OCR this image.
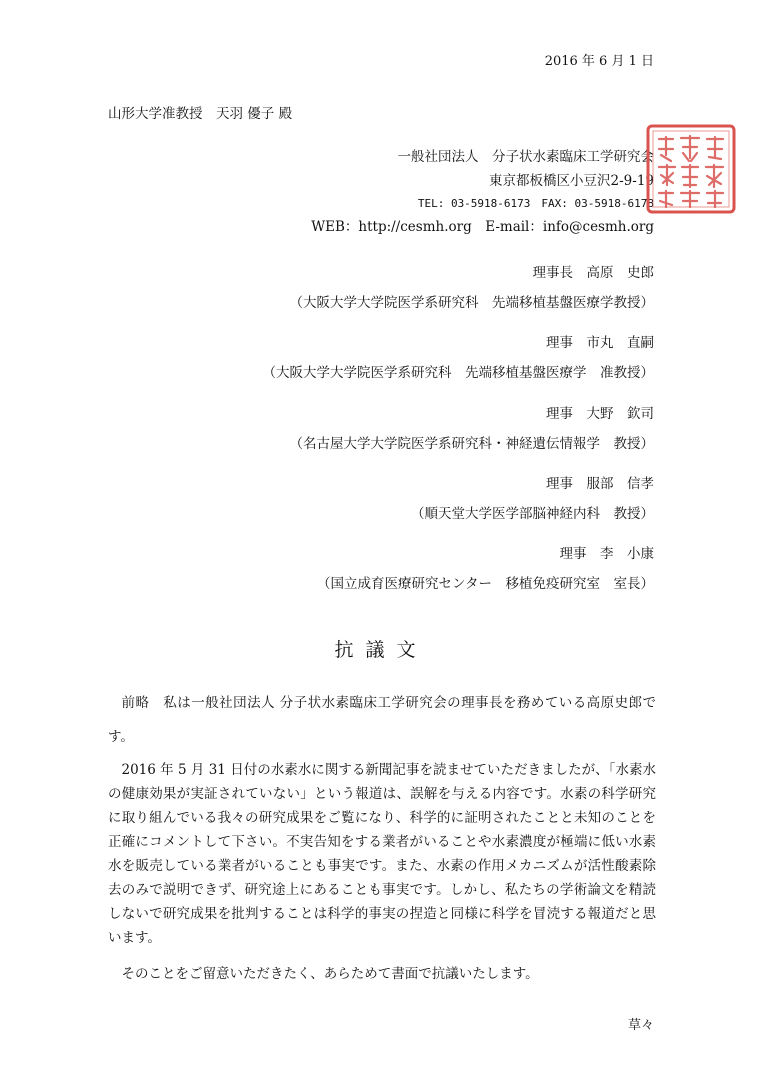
2016 年 6 月 1 日
山形大学准教授　天羽 優子 殿
一般社団法人　分子状水素臨床工学研究会
東京都板橋区小豆沢2-9-19
TEL: 03-5918-6173　FAX: 03-5918-6178
WEB：http://cesmh.org　E-mail：info@cesmh.org
理事長　高原　史郎
（大阪大学大学院医学系研究科　先端移植基盤医療学教授）
理事　市丸　直嗣
（大阪大学大学院医学系研究科　先端移植基盤医療学　准教授）
理事　大野　欽司
（名古屋大学大学院医学系研究科・神経遺伝情報学　教授）
理事　服部　信孝
（順天堂大学医学部脳神経内科　教授）
理事　李　小康
（国立成育医療研究センター　移植免疫研究室　室長）
抗議文

前略　私は一般社団法人 分子状水素臨床工学研究会の理事長を務めている高原史郎です。

2016 年 5 月 31 日付の水素水に関する新聞記事を読ませていただきましたが、「水素水の健康効果が実証されていない」という報道は、誤解を与える内容です。水素の科学研究に取り組んでいる我々の研究成果をご覧になり、科学的に証明されたことと未知のことを正確にコメントして下さい。不実告知をする業者がいることや水素濃度が極端に低い水素水を販売している業者がいることも事実です。また、水素の作用メカニズムが活性酸素除去のみで説明できず、研究途上にあることも事実です。しかし、私たちの学術論文を精読しないで研究成果を批判することは科学的事実の捏造と同様に科学を冒涜する報道だと思います。

そのことをご留意いただきたく、あらためて書面で抗議いたします。
草々
